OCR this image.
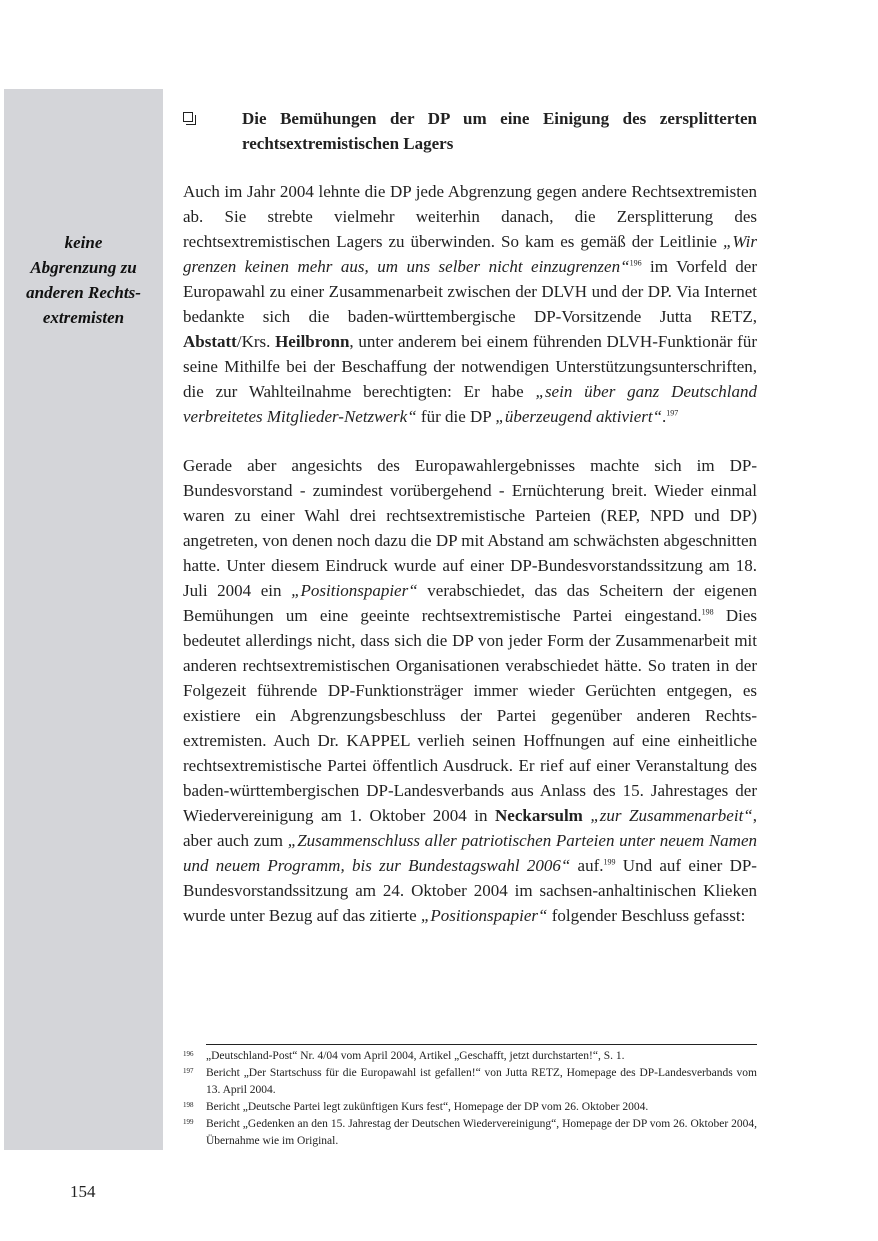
keine
Abgrenzung zu
anderen Rechts-
extremisten
Die Bemühungen der DP um eine Einigung des zersplitterten rechtsextremistischen Lagers

Auch im Jahr 2004 lehnte die DP jede Abgrenzung gegen andere Rechtsextremisten ab. Sie strebte vielmehr weiterhin danach, die Zersplitterung des rechtsextremistischen Lagers zu überwinden. So kam es gemäß der Leitlinie „Wir grenzen keinen mehr aus, um uns selber nicht einzugrenzen“$^{196}$ im Vorfeld der Europawahl zu einer Zusammenarbeit zwischen der DLVH und der DP. Via Internet bedankte sich die baden-württembergische DP-Vorsitzende Jutta RETZ, Abstatt/Krs. Heilbronn, unter anderem bei einem führenden DLVH-Funktionär für seine Mithilfe bei der Beschaffung der notwendigen Unterstützungsunterschriften, die zur Wahlteilnahme berechtigten: Er habe „sein über ganz Deutschland verbreitetes Mitglieder-Netzwerk“ für die DP „überzeugend aktiviert“.$^{197}$

Gerade aber angesichts des Europawahlergebnisses machte sich im DP-Bundesvorstand - zumindest vorübergehend - Ernüchterung breit. Wieder einmal waren zu einer Wahl drei rechtsextremistische Parteien (REP, NPD und DP) angetreten, von denen noch dazu die DP mit Abstand am schwächsten abgeschnitten hatte. Unter diesem Eindruck wurde auf einer DP-Bundesvorstandssitzung am 18. Juli 2004 ein „Positionspapier“ verabschiedet, das das Scheitern der eigenen Bemühungen um eine geeinte rechtsextremistische Partei eingestand.$^{198}$ Dies bedeutet allerdings nicht, dass sich die DP von jeder Form der Zusammenarbeit mit anderen rechtsextremistischen Organisationen verabschiedet hätte. So traten in der Folgezeit führende DP-Funktionsträger immer wieder Gerüchten entgegen, es existiere ein Abgrenzungsbeschluss der Partei gegenüber anderen Rechtsextremisten. Auch Dr. KAPPEL verlieh seinen Hoffnungen auf eine einheitliche rechtsextremistische Partei öffentlich Ausdruck. Er rief auf einer Veranstaltung des baden-württembergischen DP-Landesverbands aus Anlass des 15. Jahrestages der Wiedervereinigung am 1. Oktober 2004 in Neckarsulm „zur Zusammenarbeit“, aber auch zum „Zusammenschluss aller patriotischen Parteien unter neuem Namen und neuem Programm, bis zur Bundestagswahl 2006“ auf.$^{199}$ Und auf einer DP-Bundesvorstandssitzung am 24. Oktober 2004 im sachsen-anhaltinischen Klieken wurde unter Bezug auf das zitierte „Positionspapier“ folgender Beschluss gefasst:

196 „Deutschland-Post“ Nr. 4/04 vom April 2004, Artikel „Geschafft, jetzt durchstarten!“, S. 1.
197 Bericht „Der Startschuss für die Europawahl ist gefallen!“ von Jutta RETZ, Homepage des DP-Landesverbands vom 13. April 2004.
198 Bericht „Deutsche Partei legt zukünftigen Kurs fest“, Homepage der DP vom 26. Oktober 2004.
199 Bericht „Gedenken an den 15. Jahrestag der Deutschen Wiedervereinigung“, Homepage der DP vom 26. Oktober 2004, Übernahme wie im Original.
154
